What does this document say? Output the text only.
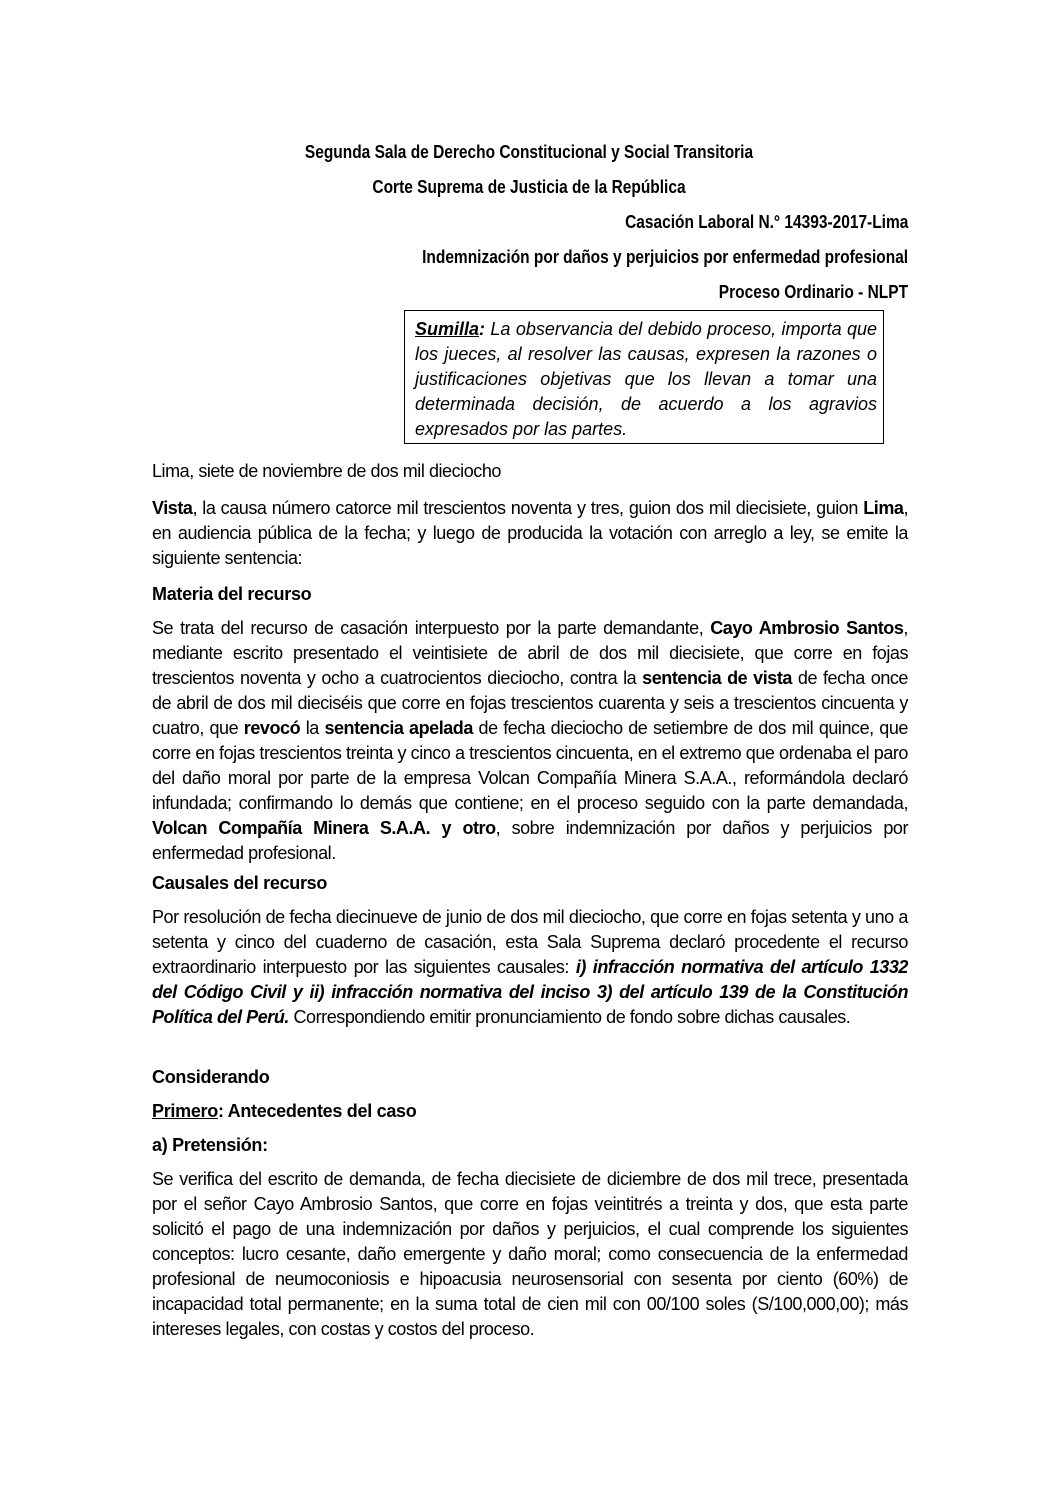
Segunda Sala de Derecho Constitucional y Social Transitoria
Corte Suprema de Justicia de la República
Casación Laboral N.° 14393-2017-Lima
Indemnización por daños y perjuicios por enfermedad profesional
Proceso Ordinario - NLPT
Sumilla: La observancia del debido proceso, importa que los jueces, al resolver las causas, expresen la razones o justificaciones objetivas que los llevan a tomar una determinada decisión, de acuerdo a los agravios expresados por las partes.
Lima, siete de noviembre de dos mil dieciocho
Vista, la causa número catorce mil trescientos noventa y tres, guion dos mil diecisiete, guion Lima, en audiencia pública de la fecha; y luego de producida la votación con arreglo a ley, se emite la siguiente sentencia:
Materia del recurso
Se trata del recurso de casación interpuesto por la parte demandante, Cayo Ambrosio Santos, mediante escrito presentado el veintisiete de abril de dos mil diecisiete, que corre en fojas trescientos noventa y ocho a cuatrocientos dieciocho, contra la sentencia de vista de fecha once de abril de dos mil dieciséis que corre en fojas trescientos cuarenta y seis a trescientos cincuenta y cuatro, que revocó la sentencia apelada de fecha dieciocho de setiembre de dos mil quince, que corre en fojas trescientos treinta y cinco a trescientos cincuenta, en el extremo que ordenaba el paro del daño moral por parte de la empresa Volcan Compañía Minera S.A.A., reformándola declaró infundada; confirmando lo demás que contiene; en el proceso seguido con la parte demandada, Volcan Compañía Minera S.A.A. y otro, sobre indemnización por daños y perjuicios por enfermedad profesional.
Causales del recurso
Por resolución de fecha diecinueve de junio de dos mil dieciocho, que corre en fojas setenta y uno a setenta y cinco del cuaderno de casación, esta Sala Suprema declaró procedente el recurso extraordinario interpuesto por las siguientes causales: i) infracción normativa del artículo 1332 del Código Civil y ii) infracción normativa del inciso 3) del artículo 139 de la Constitución Política del Perú. Correspondiendo emitir pronunciamiento de fondo sobre dichas causales.
Considerando
Primero: Antecedentes del caso
a) Pretensión:
Se verifica del escrito de demanda, de fecha diecisiete de diciembre de dos mil trece, presentada por el señor Cayo Ambrosio Santos, que corre en fojas veintitrés a treinta y dos, que esta parte solicitó el pago de una indemnización por daños y perjuicios, el cual comprende los siguientes conceptos: lucro cesante, daño emergente y daño moral; como consecuencia de la enfermedad profesional de neumoconiosis e hipoacusia neurosensorial con sesenta por ciento (60%) de incapacidad total permanente; en la suma total de cien mil con 00/100 soles (S/100,000,00); más intereses legales, con costas y costos del proceso.
